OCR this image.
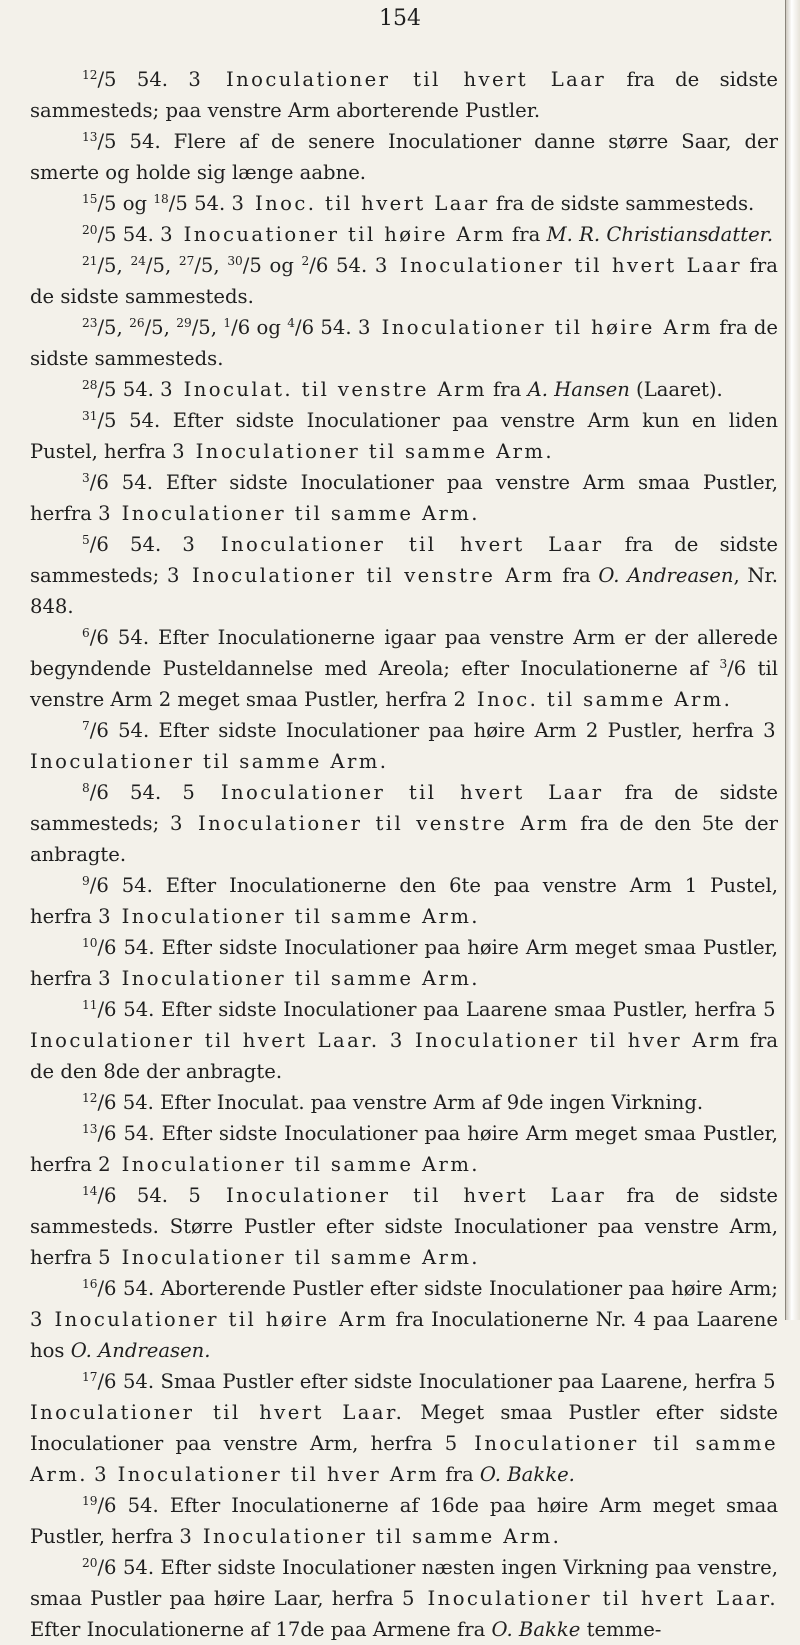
154

$^{12}$/5 54. 3 Inoculationer til hvert Laar fra de sidste sammesteds; paa venstre Arm aborterende Pustler.

$^{13}$/5 54. Flere af de senere Inoculationer danne større Saar, der smerte og holde sig længe aabne.

$^{15}$/5 og $^{18}$/5 54. 3 Inoc. til hvert Laar fra de sidste sammesteds.

$^{20}$/5 54. 3 Inocuationer til høire Arm fra M. R. Christiansdatter.

$^{21}$/5, $^{24}$/5, $^{27}$/5, $^{30}$/5 og $^2$/6 54. 3 Inoculationer til hvert Laar fra de sidste sammesteds.

$^{23}$/5, $^{26}$/5, $^{29}$/5, $^1$/6 og $^4$/6 54. 3 Inoculationer til høire Arm fra de sidste sammesteds.

$^{28}$/5 54. 3 Inoculat. til venstre Arm fra A. Hansen (Laaret).

$^{31}$/5 54. Efter sidste Inoculationer paa venstre Arm kun en liden Pustel, herfra 3 Inoculationer til samme Arm.

$^3$/6 54. Efter sidste Inoculationer paa venstre Arm smaa Pustler, herfra 3 Inoculationer til samme Arm.

$^5$/6 54. 3 Inoculationer til hvert Laar fra de sidste sammesteds; 3 Inoculationer til venstre Arm fra O. Andreasen, Nr. 848.

$^6$/6 54. Efter Inoculationerne igaar paa venstre Arm er der allerede begyndende Pusteldannelse med Areola; efter Inoculationerne af $^3$/6 til venstre Arm 2 meget smaa Pustler, herfra 2 Inoc. til samme Arm.

$^7$/6 54. Efter sidste Inoculationer paa høire Arm 2 Pustler, herfra 3 Inoculationer til samme Arm.

$^8$/6 54. 5 Inoculationer til hvert Laar fra de sidste sammesteds; 3 Inoculationer til venstre Arm fra de den 5te der anbragte.

$^9$/6 54. Efter Inoculationerne den 6te paa venstre Arm 1 Pustel, herfra 3 Inoculationer til samme Arm.

$^{10}$/6 54. Efter sidste Inoculationer paa høire Arm meget smaa Pustler, herfra 3 Inoculationer til samme Arm.

$^{11}$/6 54. Efter sidste Inoculationer paa Laarene smaa Pustler, herfra 5 Inoculationer til hvert Laar. 3 Inoculationer til hver Arm fra de den 8de der anbragte.

$^{12}$/6 54. Efter Inoculat. paa venstre Arm af 9de ingen Virkning.

$^{13}$/6 54. Efter sidste Inoculationer paa høire Arm meget smaa Pustler, herfra 2 Inoculationer til samme Arm.

$^{14}$/6 54. 5 Inoculationer til hvert Laar fra de sidste sammesteds. Større Pustler efter sidste Inoculationer paa venstre Arm, herfra 5 Inoculationer til samme Arm.

$^{16}$/6 54. Aborterende Pustler efter sidste Inoculationer paa høire Arm; 3 Inoculationer til høire Arm fra Inoculationerne Nr. 4 paa Laarene hos O. Andreasen.

$^{17}$/6 54. Smaa Pustler efter sidste Inoculationer paa Laarene, herfra 5 Inoculationer til hvert Laar. Meget smaa Pustler efter sidste Inoculationer paa venstre Arm, herfra 5 Inoculationer til samme Arm. 3 Inoculationer til hver Arm fra O. Bakke.

$^{19}$/6 54. Efter Inoculationerne af 16de paa høire Arm meget smaa Pustler, herfra 3 Inoculationer til samme Arm.

$^{20}$/6 54. Efter sidste Inoculationer næsten ingen Virkning paa venstre, smaa Pustler paa høire Laar, herfra 5 Inoculationer til hvert Laar. Efter Inoculationerne af 17de paa Armene fra O. Bakke temme-
